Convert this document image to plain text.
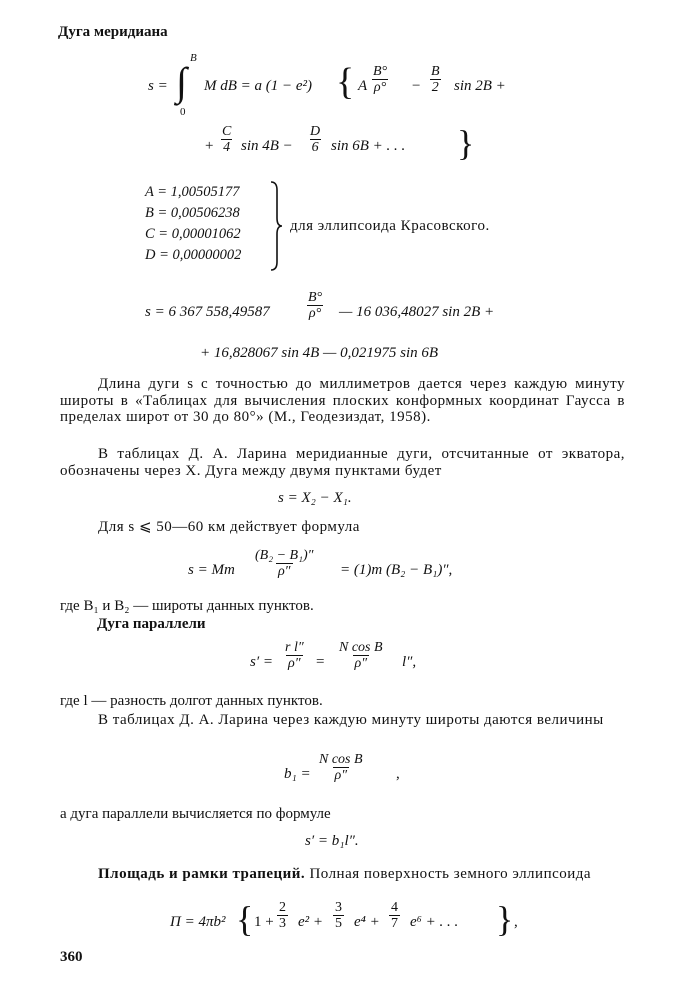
Дуга меридиана
s =
B
∫
0
M dB = a (1 − e²) { A $\frac{B^\circ}{\rho^\circ} - \frac{B}{2}$ sin 2B +
+ $\frac{C}{4}$ $\sin 4B - \frac{D}{6}$ sin 6B + . . . }
A = 1,00505177
B = 0,00506238
C = 0,00001062
D = 0,00000002
для эллипсоида Красовского.
s = 6 367 558,49587	$\frac{B^\circ}{\rho^\circ}$ — 16 036,48027 sin 2B +
+ 16,828067 sin 4B — 0,021975 sin 6B
Длина дуги s с точностью до миллиметров дается через каждую минуту широты в «Таблицах для вычисления плоских конформных координат Гаусса в пределах широт от 30 до 80°» (М., Геодезиздат, 1958).
В таблицах Д. А. Ларина меридианные дуги, отсчитанные от экватора, обозначены через X. Дуга между двумя пунктами будет
s = X₂ − X₁.
Для s ⩽ 50—60 км действует формула
s = Mm $\frac{\text{(B₂ − B₁)″}}{\rho''} = (1)m$ (B₂ − B₁)″,
где B₁ и B₂ — широты данных пунктов.
Дуга параллели
$s' = \frac{\text{r l″}}{\rho''} = \frac{\text{N cos B}}{\rho''} l''$,
где l — разность долгот данных пунктов.
В таблицах Д. А. Ларина через каждую минуту широты даются величины
$b_1 = \frac{\text{N cos B}}{\rho''}$ ,
а дуга параллели вычисляется по формуле
s′ = b₁l″.
Площадь и рамки трапеций. Полная поверхность земного эллипсоида
Π = 4πb² { $1 + \frac{2}{3} e^2 + \frac{3}{5} e^4 + \frac{4}{7} e^6$ + . . . } ,
360
